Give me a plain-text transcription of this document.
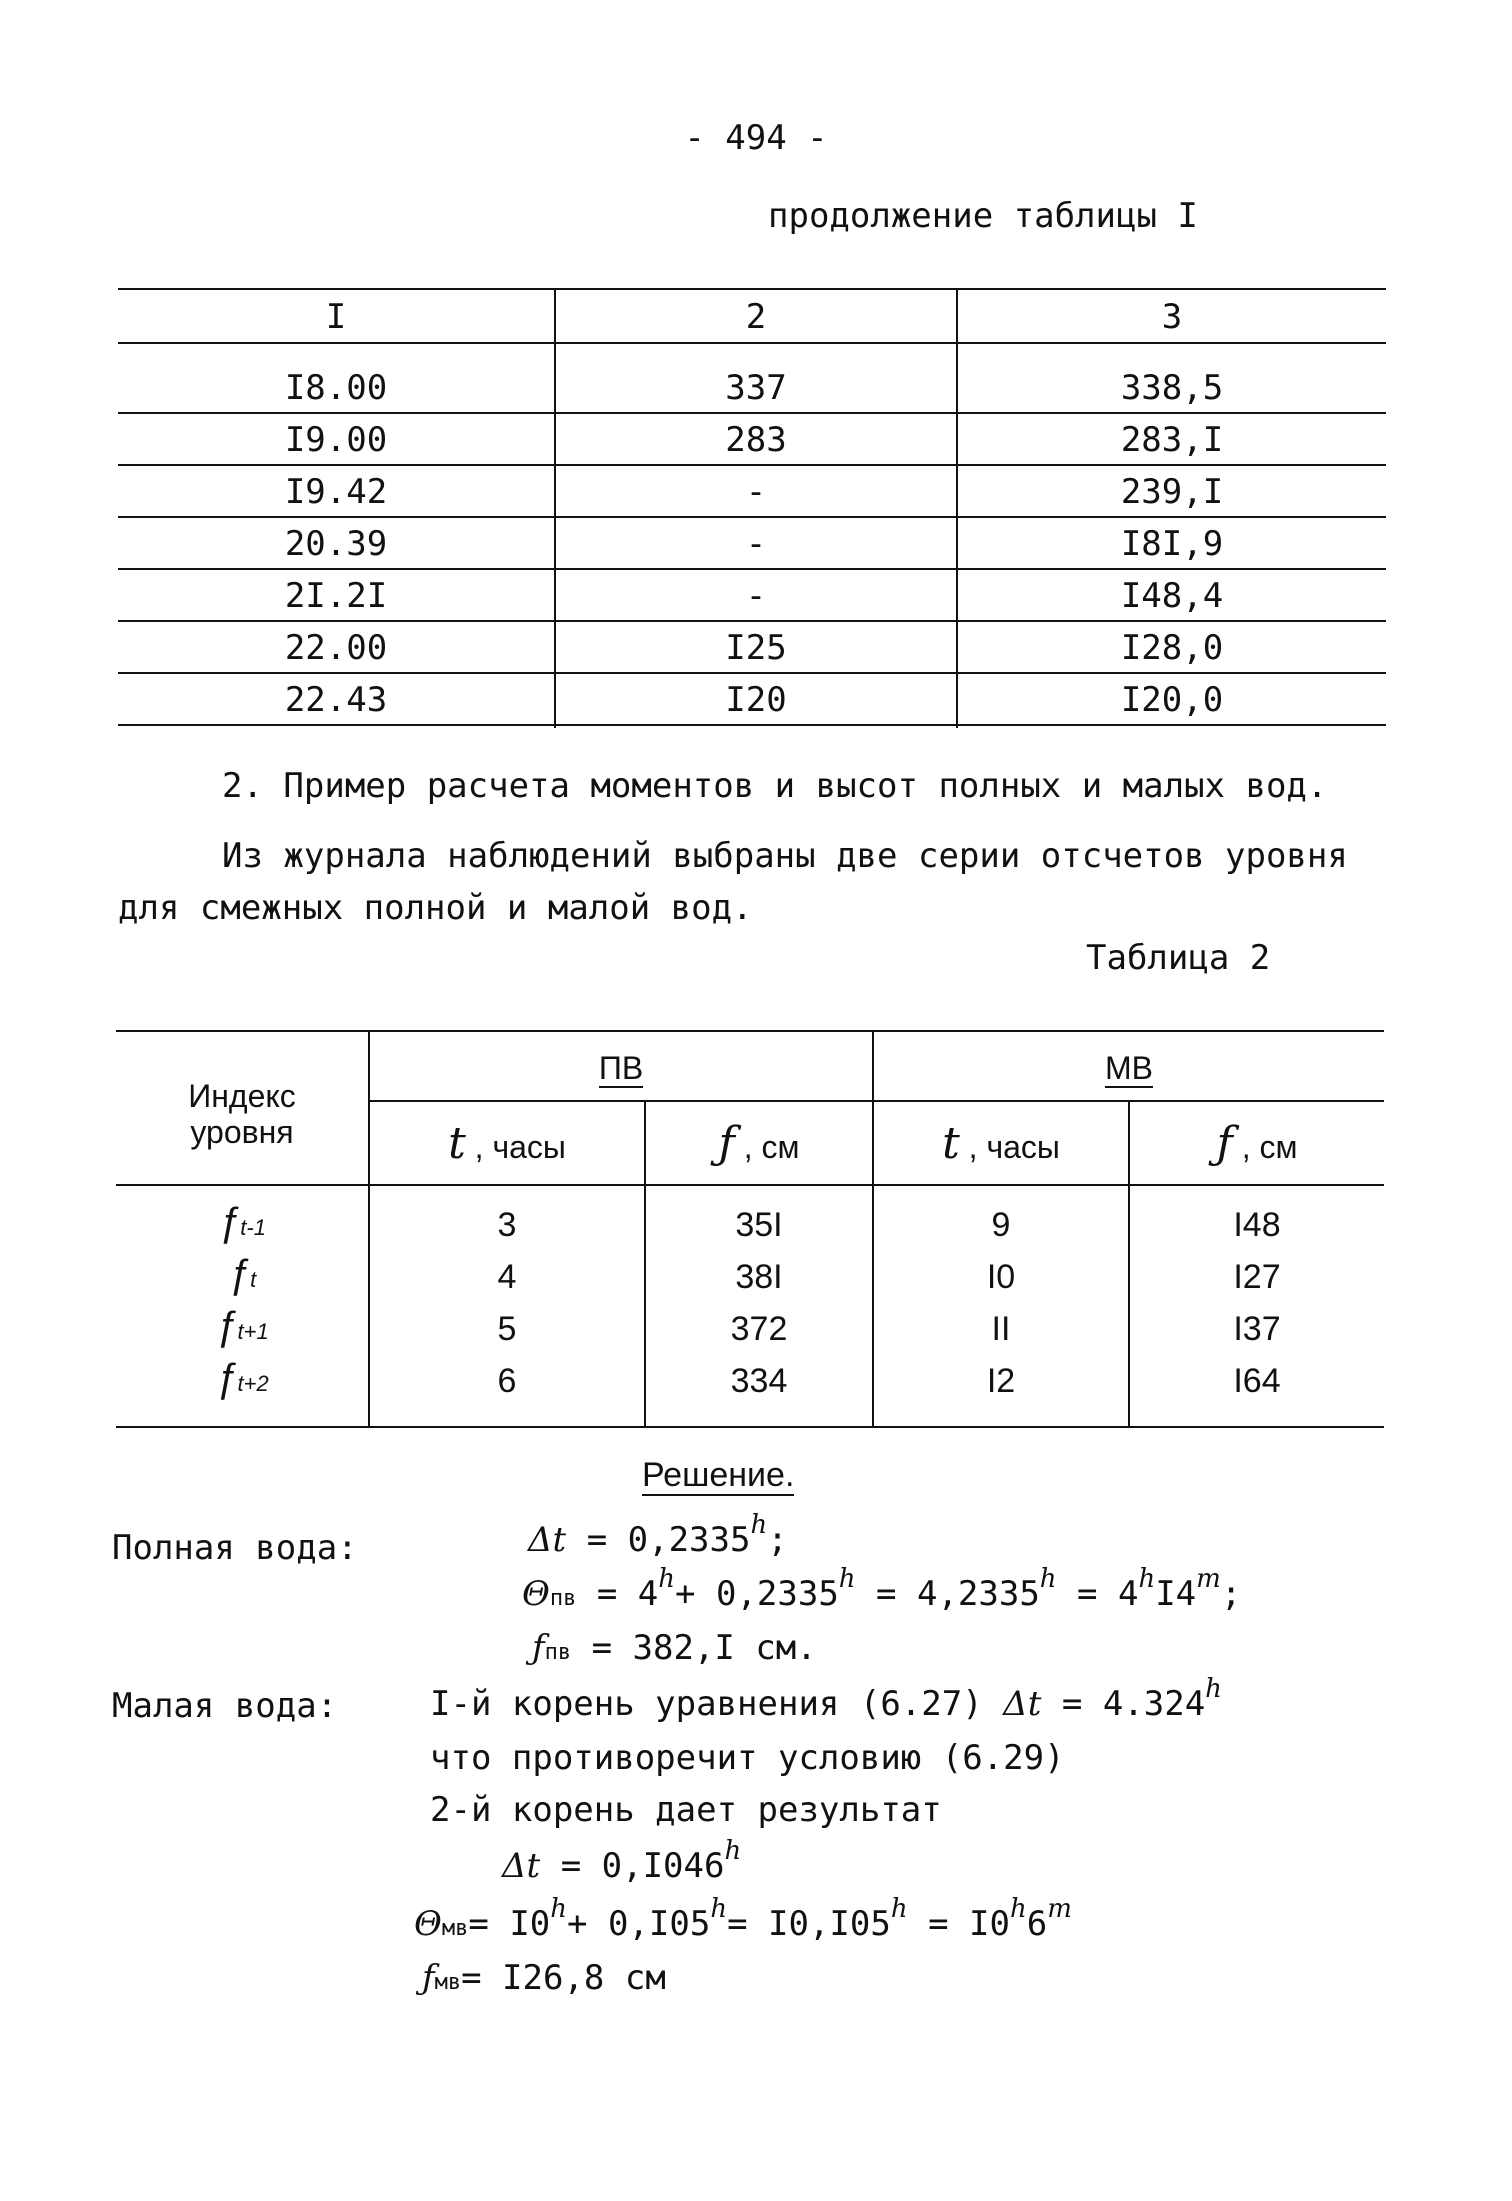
- 494 -
продолжение таблицы I
I	2	3
I8.00	337	338,5
I9.00	283	283,I
I9.42	-	239,I
20.39	-	I8I,9
2I.2I	-	I48,4
22.00	I25	I28,0
22.43	I20	I20,0
2. Пример расчета моментов и высот полных и малых вод.
Из журнала наблюдений выбраны две серии отсчетов уровня
для смежных полной и малой вод.
Таблица 2
Индекс
уровня
ПВ	МВ
t , часы	ƒ , см	t , часы	ƒ , см
ƒt-1	3	35I	9	I48
ƒt	4	38I	I0	I27
ƒt+1	5	372	II	I37
ƒt+2	6	334	I2	I64
Решение.
Полная вода:
Малая вода:
Δt = 0,2335$^h$;
$\Theta пв = 4^h+ 0,2335^h = 4,2335^h = 4^hI4^m$;
ƒпв = 382,I см.
I-й корень уравнения (6.27) Δt = 4.324$^h$
что противоречит условию (6.29)
2-й корень дает результат
$\Delta t = 0,I046^h$
$\Theta мв= I0^h+ 0,I05^h= I0,I05^h = I0^h6^m$
ƒмв= I26,8 см
